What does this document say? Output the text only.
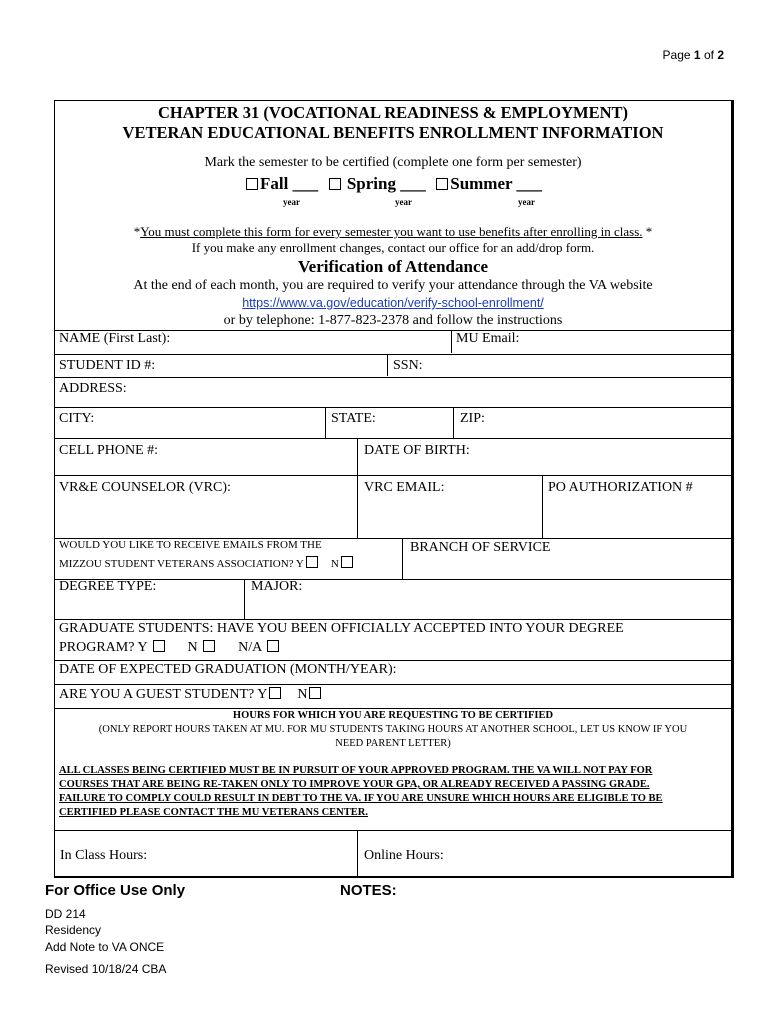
Page 1 of 2
CHAPTER 31 (VOCATIONAL READINESS & EMPLOYMENT)
VETERAN EDUCATIONAL BENEFITS ENROLLMENT INFORMATION
Mark the semester to be certified (complete one form per semester)
Fall ___ Spring ___ Summer ___
year	year	year
*You must complete this form for every semester you want to use benefits after enrolling in class. *
If you make any enrollment changes, contact our office for an add/drop form.
Verification of Attendance
At the end of each month, you are required to verify your attendance through the VA website
https://www.va.gov/education/verify-school-enrollment/
or by telephone: 1-877-823-2378 and follow the instructions
NAME (First Last):	MU Email:
STUDENT ID #:	SSN:
ADDRESS:
CITY:	STATE:	ZIP:
CELL PHONE #:	DATE OF BIRTH:
VR&E COUNSELOR (VRC):	VRC EMAIL:	PO AUTHORIZATION #
WOULD YOU LIKE TO RECEIVE EMAILS FROM THE
MIZZOU STUDENT VETERANS ASSOCIATION? Y N
BRANCH OF SERVICE
DEGREE TYPE:	MAJOR:
GRADUATE STUDENTS: HAVE YOU BEEN OFFICIALLY ACCEPTED INTO YOUR DEGREE
PROGRAM? Y	N	N/A
DATE OF EXPECTED GRADUATION (MONTH/YEAR):
ARE YOU A GUEST STUDENT? Y N
HOURS FOR WHICH YOU ARE REQUESTING TO BE CERTIFIED
(ONLY REPORT HOURS TAKEN AT MU. FOR MU STUDENTS TAKING HOURS AT ANOTHER SCHOOL, LET US KNOW IF YOU
NEED PARENT LETTER)
ALL CLASSES BEING CERTIFIED MUST BE IN PURSUIT OF YOUR APPROVED PROGRAM. THE VA WILL NOT PAY FOR
COURSES THAT ARE BEING RE-TAKEN ONLY TO IMPROVE YOUR GPA, OR ALREADY RECEIVED A PASSING GRADE.
FAILURE TO COMPLY COULD RESULT IN DEBT TO THE VA. IF YOU ARE UNSURE WHICH HOURS ARE ELIGIBLE TO BE
CERTIFIED PLEASE CONTACT THE MU VETERANS CENTER.
In Class Hours:	Online Hours:
For Office Use Only	NOTES:
DD 214
Residency
Add Note to VA ONCE
Revised 10/18/24 CBA
